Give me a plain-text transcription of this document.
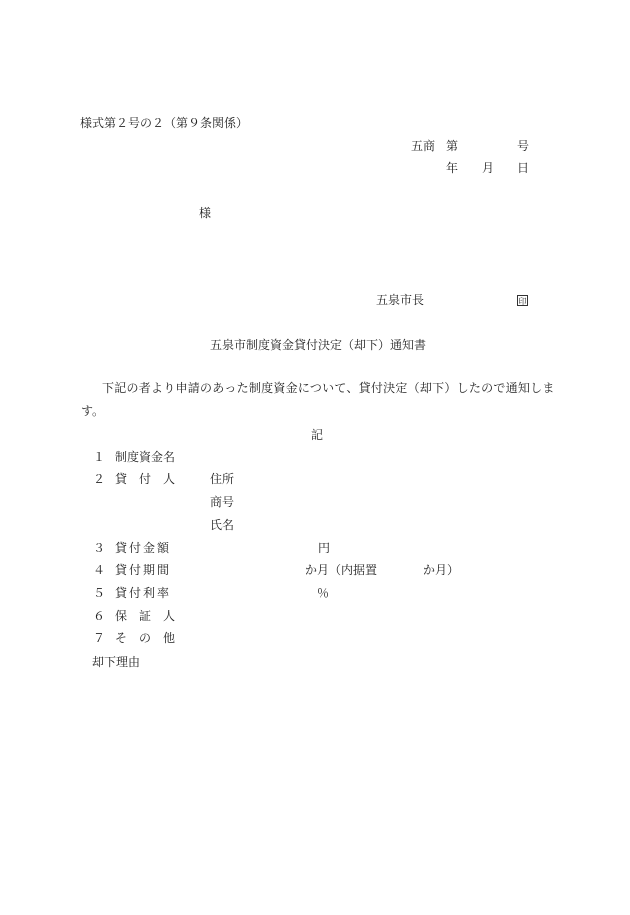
様式第２号の２（第９条関係）
五商 第	号
年 月 日
様
五泉市長	印
五泉市制度資金貸付決定（却下）通知書
下記の者より申請のあった制度資金について、貸付決定（却下）したので通知しま
す。
記
１ 制度資金名
２ 貸　付　人	住所
商号
氏名
３ 貸付金額	円
４ 貸付期間	か月（内据置	か月）
５ 貸付利率	％
６ 保　証　人
７ そ　の　他
却下理由
